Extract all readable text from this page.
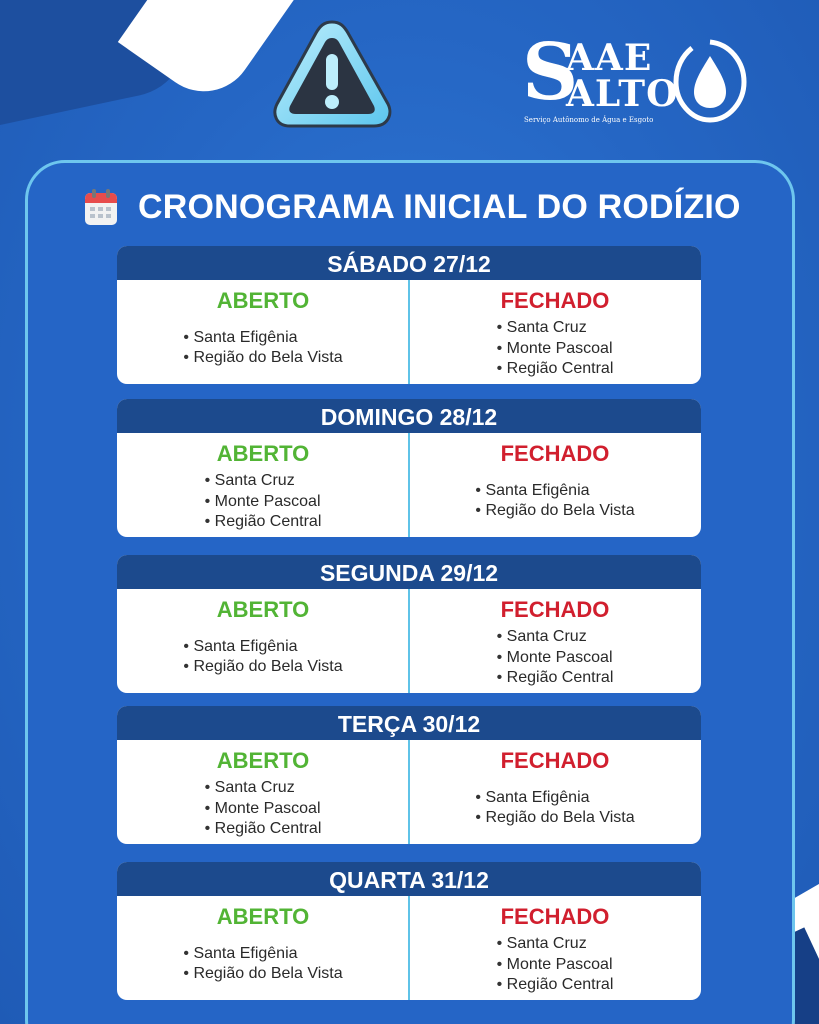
S
AAE
ALTO
Serviço Autônomo de Água e Esgoto
CRONOGRAMA INICIAL DO RODÍZIO
SÁBADO 27/12
ABERTO
• Santa Efigênia
• Região do Bela Vista
FECHADO
• Santa Cruz
• Monte Pascoal
• Região Central
DOMINGO 28/12
ABERTO
• Santa Cruz
• Monte Pascoal
• Região Central
FECHADO
• Santa Efigênia
• Região do Bela Vista
SEGUNDA 29/12
ABERTO
• Santa Efigênia
• Região do Bela Vista
FECHADO
• Santa Cruz
• Monte Pascoal
• Região Central
TERÇA 30/12
ABERTO
• Santa Cruz
• Monte Pascoal
• Região Central
FECHADO
• Santa Efigênia
• Região do Bela Vista
QUARTA 31/12
ABERTO
• Santa Efigênia
• Região do Bela Vista
FECHADO
• Santa Cruz
• Monte Pascoal
• Região Central
